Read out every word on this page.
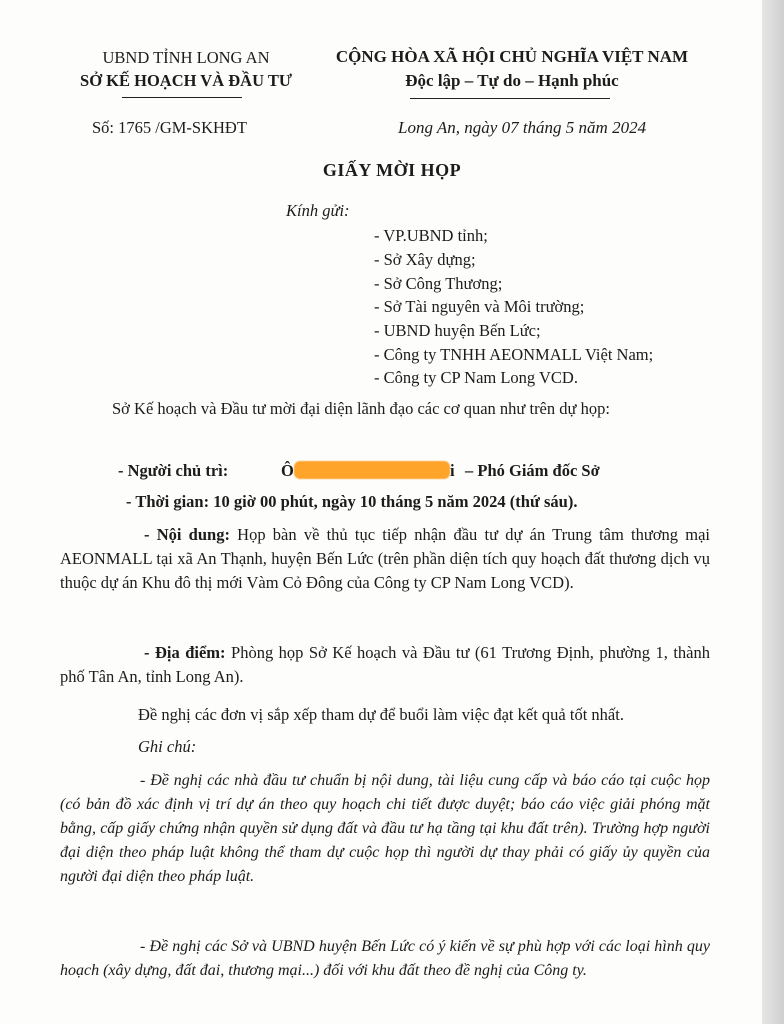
UBND TỈNH LONG AN
SỞ KẾ HOẠCH VÀ ĐẦU TƯ
CỘNG HÒA XÃ HỘI CHỦ NGHĨA VIỆT NAM
Độc lập – Tự do – Hạnh phúc
Số: 1765 /GM-SKHĐT	Long An, ngày 07 tháng 5 năm 2024
GIẤY MỜI HỌP
Kính gửi:
- VP.UBND tỉnh;
- Sở Xây dựng;
- Sở Công Thương;
- Sở Tài nguyên và Môi trường;
- UBND huyện Bến Lức;
- Công ty TNHH AEONMALL Việt Nam;
- Công ty CP Nam Long VCD.
Sở Kế hoạch và Đầu tư mời đại diện lãnh đạo các cơ quan như trên dự họp:
- Người chủ trì:	Ô	i – Phó Giám đốc Sở
- Thời gian: 10 giờ 00 phút, ngày 10 tháng 5 năm 2024 (thứ sáu).
- Nội dung: Họp bàn về thủ tục tiếp nhận đầu tư dự án Trung tâm thương mại AEONMALL tại xã An Thạnh, huyện Bến Lức (trên phần diện tích quy hoạch đất thương dịch vụ thuộc dự án Khu đô thị mới Vàm Cỏ Đông của Công ty CP Nam Long VCD).
- Địa điểm: Phòng họp Sở Kế hoạch và Đầu tư (61 Trương Định, phường 1, thành phố Tân An, tỉnh Long An).
Đề nghị các đơn vị sắp xếp tham dự để buổi làm việc đạt kết quả tốt nhất.
Ghi chú:
- Đề nghị các nhà đầu tư chuẩn bị nội dung, tài liệu cung cấp và báo cáo tại cuộc họp (có bản đồ xác định vị trí dự án theo quy hoạch chi tiết được duyệt; báo cáo việc giải phóng mặt bằng, cấp giấy chứng nhận quyền sử dụng đất và đầu tư hạ tầng tại khu đất trên). Trường hợp người đại diện theo pháp luật không thể tham dự cuộc họp thì người dự thay phải có giấy ủy quyền của người đại diện theo pháp luật.
- Đề nghị các Sở và UBND huyện Bến Lức có ý kiến về sự phù hợp với các loại hình quy hoạch (xây dựng, đất đai, thương mại...) đối với khu đất theo đề nghị của Công ty.
